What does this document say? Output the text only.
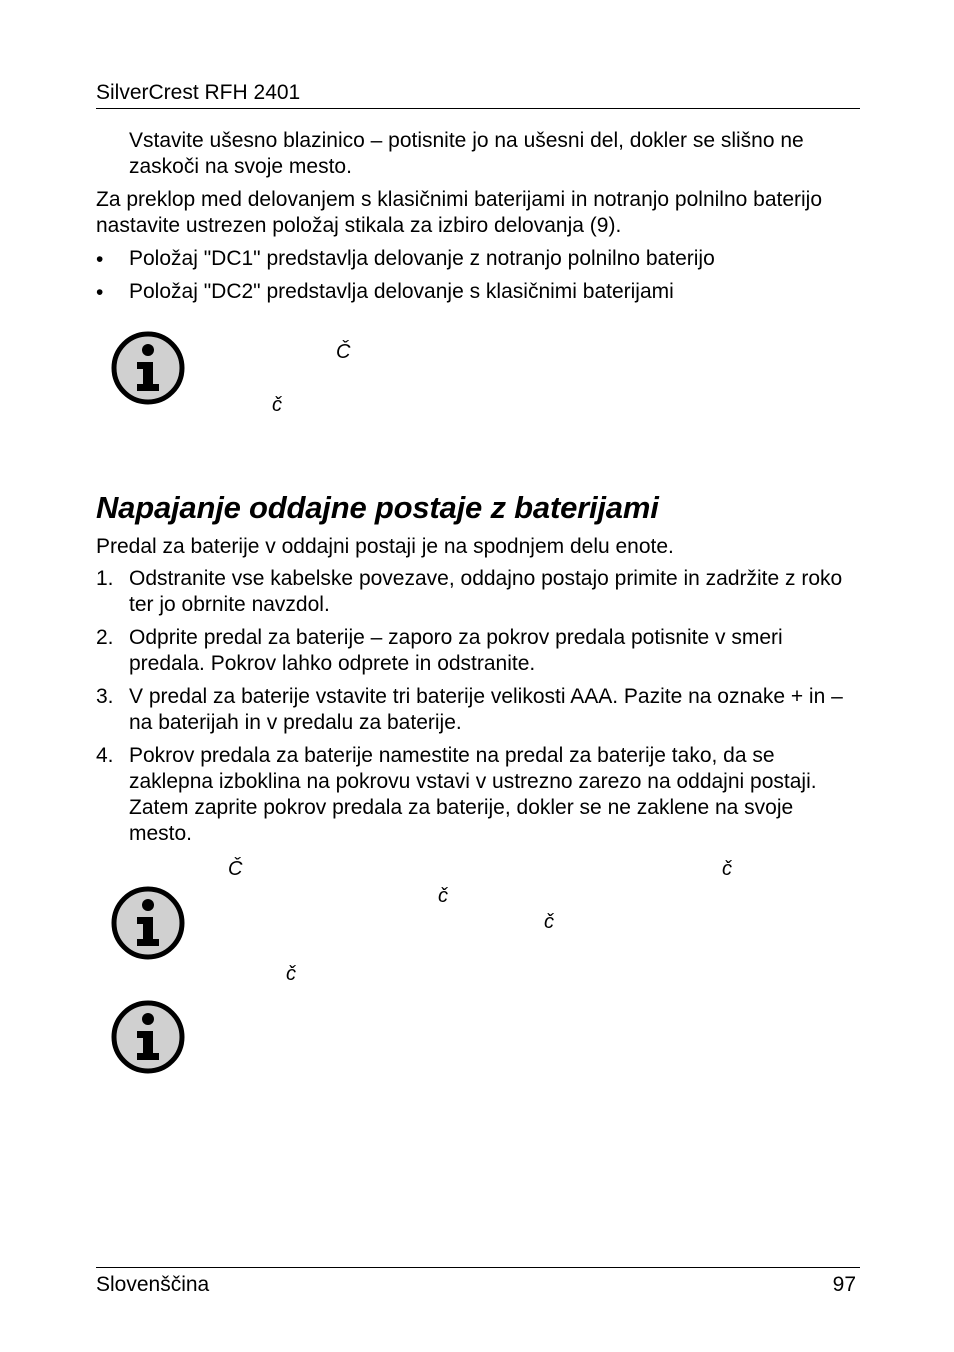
SilverCrest RFH 2401

Vstavite ušesno blazinico – potisnite jo na ušesni del, dokler se slišno ne zaskoči na svoje mesto.

Za preklop med delovanjem s klasičnimi baterijami in notranjo polnilno baterijo nastavite ustrezen položaj stikala za izbiro delovanja (9).

• Položaj "DC1" predstavlja delovanje z notranjo polnilno baterijo

• Položaj "DC2" predstavlja delovanje s klasičnimi baterijami

Č
č
Napajanje oddajne postaje z baterijami

Predal za baterije v oddajni postaji je na spodnjem delu enote.

1. Odstranite vse kabelske povezave, oddajno postajo primite in zadržite z roko ter jo obrnite navzdol.

2. Odprite predal za baterije – zaporo za pokrov predala potisnite v smeri predala. Pokrov lahko odprete in odstranite.

3. V predal za baterije vstavite tri baterije velikosti AAA. Pazite na oznake + in – na baterijah in v predalu za baterije.

4. Pokrov predala za baterije namestite na predal za baterije tako, da se zaklepna izboklina na pokrovu vstavi v ustrezno zarezo na oddajni postaji. Zatem zaprite pokrov predala za baterije, dokler se ne zaklene na svoje mesto.

Č	č
č
č
č
Slovenščina	97
